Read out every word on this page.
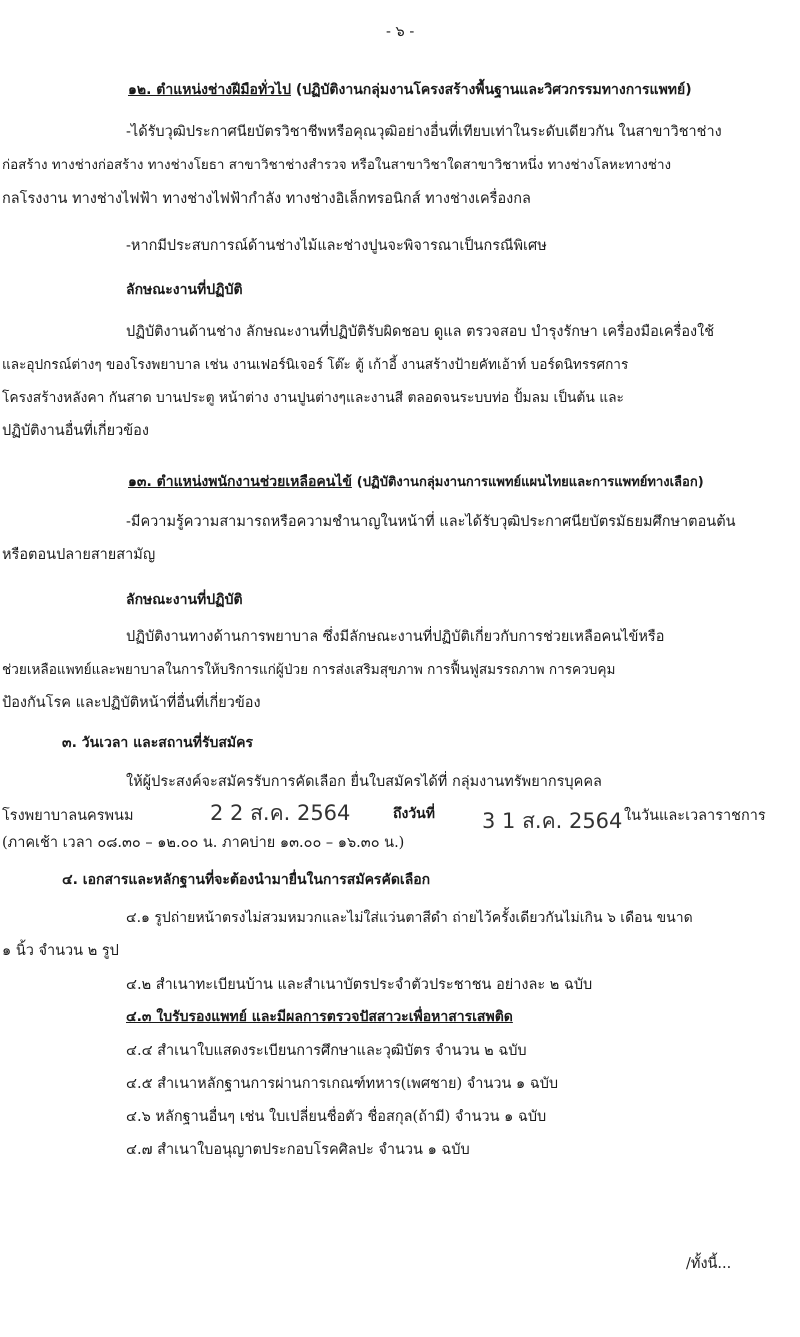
- ๖ -
๑๒. ตำแหน่งช่างฝีมือทั่วไป (ปฏิบัติงานกลุ่มงานโครงสร้างพื้นฐานและวิศวกรรมทางการแพทย์)
-ได้รับวุฒิประกาศนียบัตรวิชาชีพหรือคุณวุฒิอย่างอื่นที่เทียบเท่าในระดับเดียวกัน ในสาขาวิชาช่าง
ก่อสร้าง ทางช่างก่อสร้าง ทางช่างโยธา สาขาวิชาช่างสำรวจ หรือในสาขาวิชาใดสาขาวิชาหนึ่ง ทางช่างโลหะทางช่าง
กลโรงงาน ทางช่างไฟฟ้า ทางช่างไฟฟ้ากำลัง ทางช่างอิเล็กทรอนิกส์ ทางช่างเครื่องกล
-หากมีประสบการณ์ด้านช่างไม้และช่างปูนจะพิจารณาเป็นกรณีพิเศษ
ลักษณะงานที่ปฏิบัติ
ปฏิบัติงานด้านช่าง ลักษณะงานที่ปฏิบัติรับผิดชอบ ดูแล ตรวจสอบ บำรุงรักษา เครื่องมือเครื่องใช้
และอุปกรณ์ต่างๆ ของโรงพยาบาล เช่น งานเฟอร์นิเจอร์ โต๊ะ ตู้ เก้าอี้ งานสร้างป้ายคัทเอ้าท์ บอร์ดนิทรรศการ
โครงสร้างหลังคา กันสาด บานประตู หน้าต่าง งานปูนต่างๆและงานสี ตลอดจนระบบท่อ ปั้มลม เป็นต้น และ
ปฏิบัติงานอื่นที่เกี่ยวข้อง
๑๓. ตำแหน่งพนักงานช่วยเหลือคนไข้ (ปฏิบัติงานกลุ่มงานการแพทย์แผนไทยและการแพทย์ทางเลือก)
-มีความรู้ความสามารถหรือความชำนาญในหน้าที่ และได้รับวุฒิประกาศนียบัตรมัธยมศึกษาตอนต้น
หรือตอนปลายสายสามัญ
ลักษณะงานที่ปฏิบัติ
ปฏิบัติงานทางด้านการพยาบาล ซึ่งมีลักษณะงานที่ปฏิบัติเกี่ยวกับการช่วยเหลือคนไข้หรือ
ช่วยเหลือแพทย์และพยาบาลในการให้บริการแก่ผู้ป่วย การส่งเสริมสุขภาพ การฟื้นฟูสมรรถภาพ การควบคุม
ป้องกันโรค และปฏิบัติหน้าที่อื่นที่เกี่ยวข้อง
๓. วันเวลา และสถานที่รับสมัคร
ให้ผู้ประสงค์จะสมัครรับการคัดเลือก ยื่นใบสมัครได้ที่ กลุ่มงานทรัพยากรบุคคล
โรงพยาบาลนครพนม	2 2 ส.ค. 2564	ถึงวันที่ 3 1 ส.ค. 2564 ในวันและเวลาราชการ
(ภาคเช้า เวลา ๐๘.๓๐ – ๑๒.๐๐ น. ภาคบ่าย ๑๓.๐๐ – ๑๖.๓๐ น.)
๔. เอกสารและหลักฐานที่จะต้องนำมายื่นในการสมัครคัดเลือก
๔.๑ รูปถ่ายหน้าตรงไม่สวมหมวกและไม่ใส่แว่นตาสีดำ ถ่ายไว้ครั้งเดียวกันไม่เกิน ๖ เดือน ขนาด
๑ นิ้ว จำนวน ๒ รูป
๔.๒ สำเนาทะเบียนบ้าน และสำเนาบัตรประจำตัวประชาชน อย่างละ ๒ ฉบับ
๔.๓ ใบรับรองแพทย์ และมีผลการตรวจปัสสาวะเพื่อหาสารเสพติด
๔.๔ สำเนาใบแสดงระเบียนการศึกษาและวุฒิบัตร จำนวน ๒ ฉบับ
๔.๕ สำเนาหลักฐานการผ่านการเกณฑ์ทหาร(เพศชาย) จำนวน ๑ ฉบับ
๔.๖ หลักฐานอื่นๆ เช่น ใบเปลี่ยนชื่อตัว ชื่อสกุล(ถ้ามี) จำนวน ๑ ฉบับ
๔.๗ สำเนาใบอนุญาตประกอบโรคศิลปะ จำนวน ๑ ฉบับ
/ทั้งนี้...
